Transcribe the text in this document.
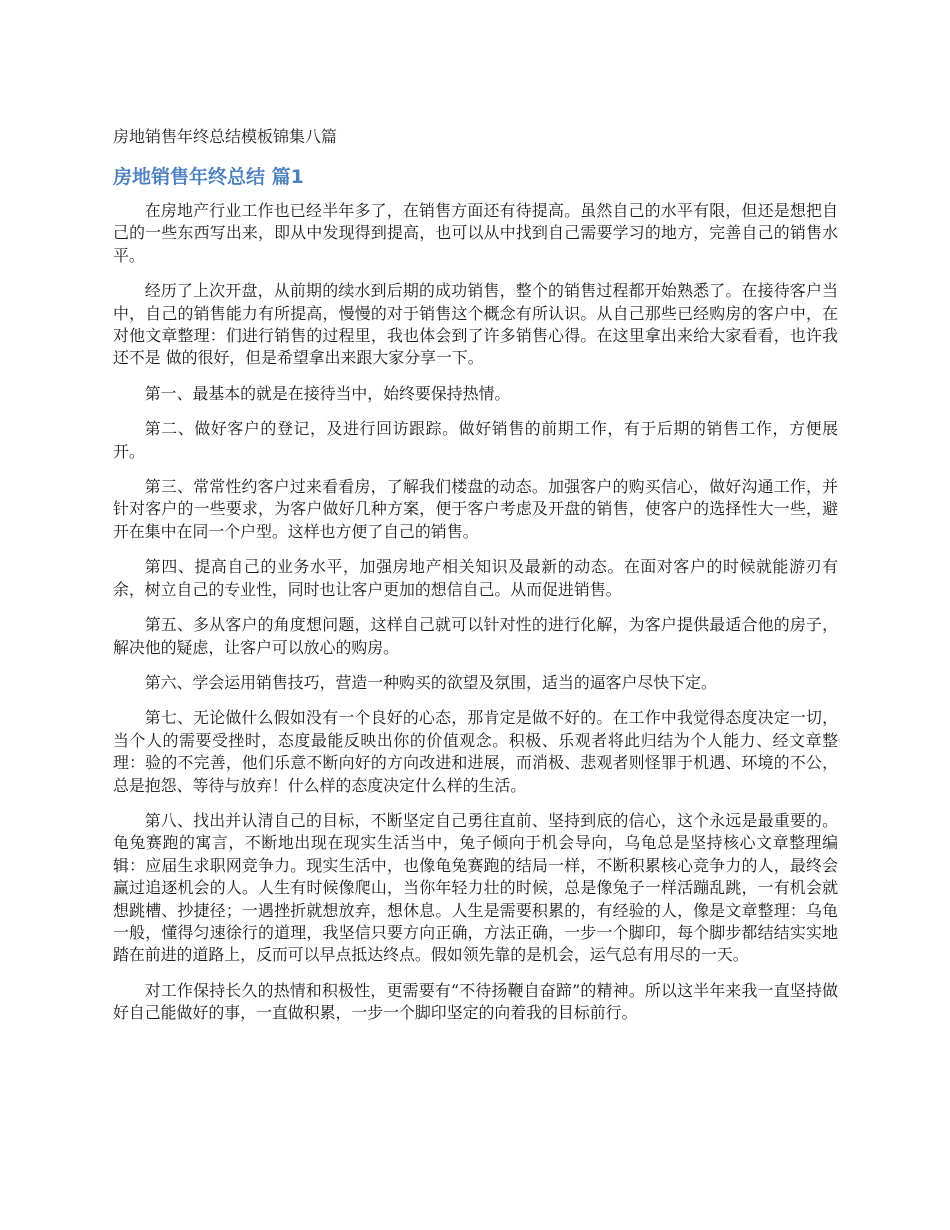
房地销售年终总结模板锦集八篇
房地销售年终总结 篇1

在房地产行业工作也已经半年多了，在销售方面还有待提高。虽然自己的水平有限，但还是想把自己的一些东西写出来，即从中发现得到提高，也可以从中找到自己需要学习的地方，完善自己的销售水平。

经历了上次开盘，从前期的续水到后期的成功销售，整个的销售过程都开始熟悉了。在接待客户当中，自己的销售能力有所提高，慢慢的对于销售这个概念有所认识。从自己那些已经购房的客户中，在对他文章整理：们进行销售的过程里，我也体会到了许多销售心得。在这里拿出来给大家看看，也许我还不是 做的很好，但是希望拿出来跟大家分享一下。

第一、最基本的就是在接待当中，始终要保持热情。

第二、做好客户的登记，及进行回访跟踪。做好销售的前期工作，有于后期的销售工作，方便展开。

第三、常常性约客户过来看看房，了解我们楼盘的动态。加强客户的购买信心，做好沟通工作，并针对客户的一些要求，为客户做好几种方案，便于客户考虑及开盘的销售，使客户的选择性大一些，避开在集中在同一个户型。这样也方便了自己的销售。

第四、提高自己的业务水平，加强房地产相关知识及最新的动态。在面对客户的时候就能游刃有余，树立自己的专业性，同时也让客户更加的想信自己。从而促进销售。

第五、多从客户的角度想问题，这样自己就可以针对性的进行化解，为客户提供最适合他的房子，解决他的疑虑，让客户可以放心的购房。

第六、学会运用销售技巧，营造一种购买的欲望及氛围，适当的逼客户尽快下定。

第七、无论做什么假如没有一个良好的心态，那肯定是做不好的。在工作中我觉得态度决定一切，当个人的需要受挫时，态度最能反映出你的价值观念。积极、乐观者将此归结为个人能力、经文章整理：验的不完善，他们乐意不断向好的方向改进和进展，而消极、悲观者则怪罪于机遇、环境的不公，总是抱怨、等待与放弃！什么样的态度决定什么样的生活。

第八、找出并认清自己的目标，不断坚定自己勇往直前、坚持到底的信心，这个永远是最重要的。龟兔赛跑的寓言，不断地出现在现实生活当中，兔子倾向于机会导向，乌龟总是坚持核心文章整理编辑：应届生求职网竞争力。现实生活中，也像龟兔赛跑的结局一样，不断积累核心竞争力的人，最终会赢过追逐机会的人。人生有时候像爬山，当你年轻力壮的时候，总是像兔子一样活蹦乱跳，一有机会就想跳槽、抄捷径；一遇挫折就想放弃，想休息。人生是需要积累的，有经验的人，像是文章整理：乌龟一般，懂得匀速徐行的道理，我坚信只要方向正确，方法正确，一步一个脚印，每个脚步都结结实实地踏在前进的道路上，反而可以早点抵达终点。假如领先靠的是机会，运气总有用尽的一天。

对工作保持长久的热情和积极性，更需要有“不待扬鞭自奋蹄”的精神。所以这半年来我一直坚持做好自己能做好的事，一直做积累，一步一个脚印坚定的向着我的目标前行。
